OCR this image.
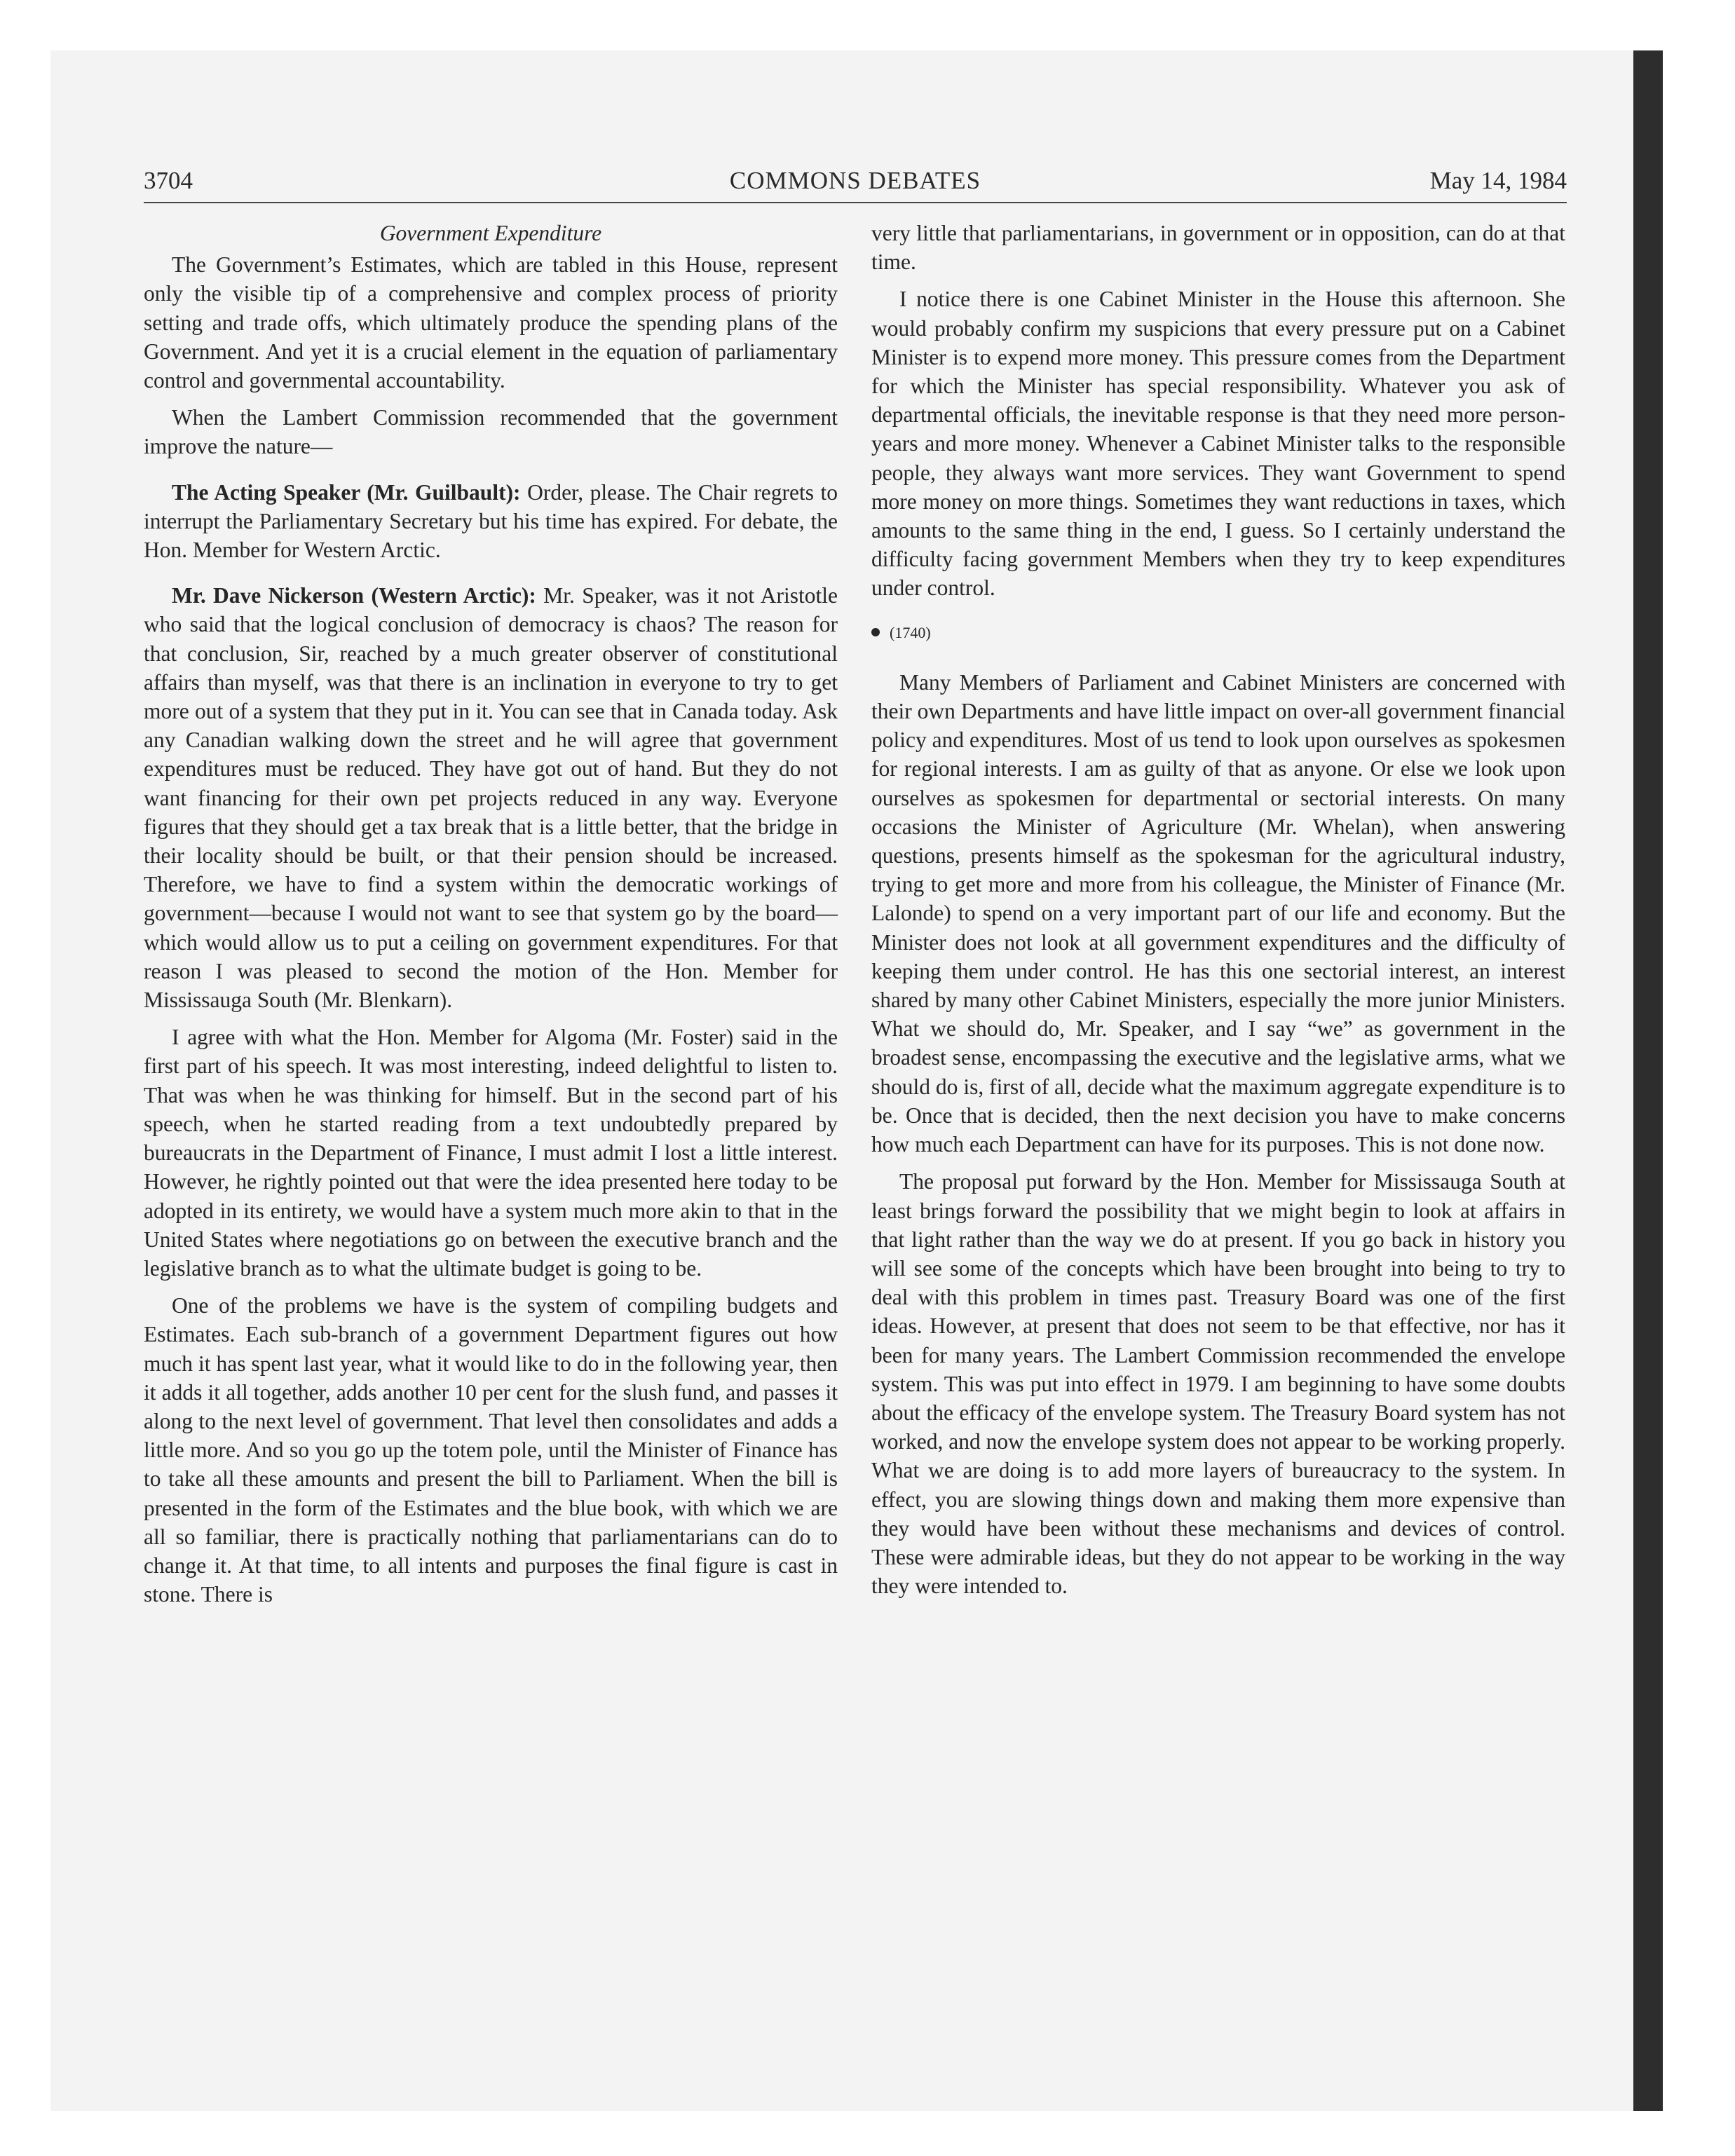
COMMONS DEBATES
3704	May 14, 1984
Government Expenditure

The Government’s Estimates, which are tabled in this House, represent only the visible tip of a comprehensive and complex process of priority setting and trade offs, which ultimately produce the spending plans of the Government. And yet it is a crucial element in the equation of parliamentary control and governmental accountability.

When the Lambert Commission recommended that the government improve the nature—

The Acting Speaker (Mr. Guilbault): Order, please. The Chair regrets to interrupt the Parliamentary Secretary but his time has expired. For debate, the Hon. Member for Western Arctic.

Mr. Dave Nickerson (Western Arctic): Mr. Speaker, was it not Aristotle who said that the logical conclusion of democracy is chaos? The reason for that conclusion, Sir, reached by a much greater observer of constitutional affairs than myself, was that there is an inclination in everyone to try to get more out of a system that they put in it. You can see that in Canada today. Ask any Canadian walking down the street and he will agree that government expenditures must be reduced. They have got out of hand. But they do not want financing for their own pet projects reduced in any way. Everyone figures that they should get a tax break that is a little better, that the bridge in their locality should be built, or that their pension should be increased. Therefore, we have to find a system within the democratic workings of government—because I would not want to see that system go by the board—which would allow us to put a ceiling on government expenditures. For that reason I was pleased to second the motion of the Hon. Member for Mississauga South (Mr. Blenkarn).

I agree with what the Hon. Member for Algoma (Mr. Foster) said in the first part of his speech. It was most interesting, indeed delightful to listen to. That was when he was thinking for himself. But in the second part of his speech, when he started reading from a text undoubtedly prepared by bureaucrats in the Department of Finance, I must admit I lost a little interest. However, he rightly pointed out that were the idea presented here today to be adopted in its entirety, we would have a system much more akin to that in the United States where negotiations go on between the executive branch and the legislative branch as to what the ultimate budget is going to be.

One of the problems we have is the system of compiling budgets and Estimates. Each sub-branch of a government Department figures out how much it has spent last year, what it would like to do in the following year, then it adds it all together, adds another 10 per cent for the slush fund, and passes it along to the next level of government. That level then consolidates and adds a little more. And so you go up the totem pole, until the Minister of Finance has to take all these amounts and present the bill to Parliament. When the bill is presented in the form of the Estimates and the blue book, with which we are all so familiar, there is practically nothing that parliamentarians can do to change it. At that time, to all intents and purposes the final figure is cast in stone. There is

very little that parliamentarians, in government or in opposition, can do at that time.

I notice there is one Cabinet Minister in the House this afternoon. She would probably confirm my suspicions that every pressure put on a Cabinet Minister is to expend more money. This pressure comes from the Department for which the Minister has special responsibility. Whatever you ask of departmental officials, the inevitable response is that they need more person-years and more money. Whenever a Cabinet Minister talks to the responsible people, they always want more services. They want Government to spend more money on more things. Sometimes they want reductions in taxes, which amounts to the same thing in the end, I guess. So I certainly understand the difficulty facing government Members when they try to keep expenditures under control.

(1740)

Many Members of Parliament and Cabinet Ministers are concerned with their own Departments and have little impact on over-all government financial policy and expenditures. Most of us tend to look upon ourselves as spokesmen for regional interests. I am as guilty of that as anyone. Or else we look upon ourselves as spokesmen for departmental or sectorial interests. On many occasions the Minister of Agriculture (Mr. Whelan), when answering questions, presents himself as the spokesman for the agricultural industry, trying to get more and more from his colleague, the Minister of Finance (Mr. Lalonde) to spend on a very important part of our life and economy. But the Minister does not look at all government expenditures and the difficulty of keeping them under control. He has this one sectorial interest, an interest shared by many other Cabinet Ministers, especially the more junior Ministers. What we should do, Mr. Speaker, and I say “we” as government in the broadest sense, encompassing the executive and the legislative arms, what we should do is, first of all, decide what the maximum aggregate expenditure is to be. Once that is decided, then the next decision you have to make concerns how much each Department can have for its purposes. This is not done now.

The proposal put forward by the Hon. Member for Mississauga South at least brings forward the possibility that we might begin to look at affairs in that light rather than the way we do at present. If you go back in history you will see some of the concepts which have been brought into being to try to deal with this problem in times past. Treasury Board was one of the first ideas. However, at present that does not seem to be that effective, nor has it been for many years. The Lambert Commission recommended the envelope system. This was put into effect in 1979. I am beginning to have some doubts about the efficacy of the envelope system. The Treasury Board system has not worked, and now the envelope system does not appear to be working properly. What we are doing is to add more layers of bureaucracy to the system. In effect, you are slowing things down and making them more expensive than they would have been without these mechanisms and devices of control. These were admirable ideas, but they do not appear to be working in the way they were intended to.
